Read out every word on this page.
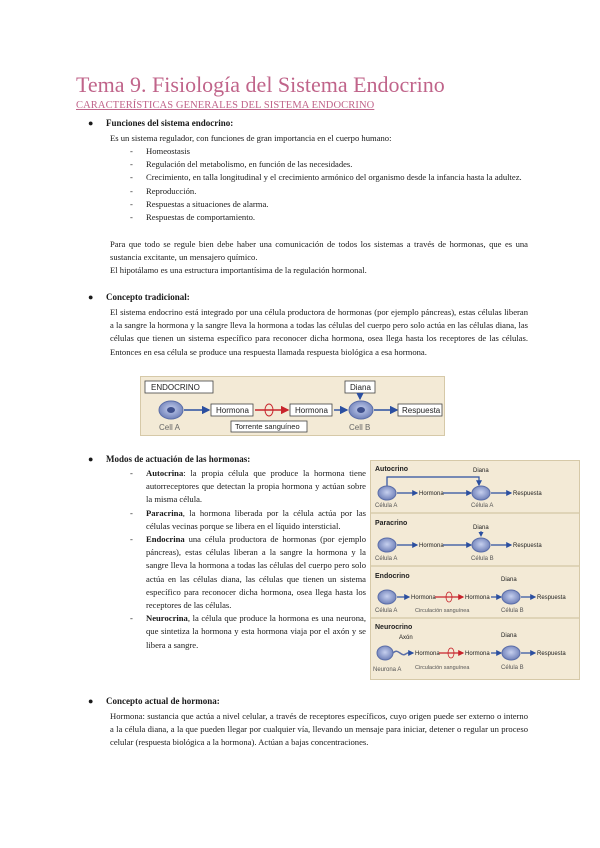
Tema 9. Fisiología del Sistema Endocrino
CARACTERÍSTICAS GENERALES DEL SISTEMA ENDOCRINO
● Funciones del sistema endocrino:
Es un sistema regulador, con funciones de gran importancia en el cuerpo humano:
- Homeostasis
- Regulación del metabolismo, en función de las necesidades.
- Crecimiento, en talla longitudinal y el crecimiento armónico del organismo desde la infancia hasta la adultez.
- Reproducción.
- Respuestas a situaciones de alarma.
- Respuestas de comportamiento.
Para que todo se regule bien debe haber una comunicación de todos los sistemas a través de hormonas, que es una sustancia excitante, un mensajero químico.
El hipotálamo es una estructura importantísima de la regulación hormonal.
● Concepto tradicional:
El sistema endocrino está integrado por una célula productora de hormonas (por ejemplo páncreas), estas células liberan a la sangre la hormona y la sangre lleva la hormona a todas las células del cuerpo pero solo actúa en las células diana, las células que tienen un sistema específico para reconocer dicha hormona, osea llega hasta los receptores de las células. Entonces en esa célula se produce una respuesta llamada respuesta biológica a esa hormona.
ENDOCRINO	Diana
Hormona	Hormona	Respuesta
Torrente sanguíneo
Cell A	Cell B
● Modos de actuación de las hormonas:
- Autocrina: la propia célula que produce la hormona tiene autorreceptores que detectan la propia hormona y actúan sobre la misma célula.
- Paracrina, la hormona liberada por la célula actúa por las células vecinas porque se libera en el líquido intersticial.
- Endocrina una célula productora de hormonas (por ejemplo páncreas), estas células liberan a la sangre la hormona y la sangre lleva la hormona a todas las células del cuerpo pero solo actúa en las células diana, las células que tienen un sistema específico para reconocer dicha hormona, osea llega hasta los receptores de las células.
- Neurocrina, la célula que produce la hormona es una neurona, que sintetiza la hormona y esta hormona viaja por el axón y se libera a sangre.
Autocrino
Hormona
Diana
Respuesta
Célula A	Célula A
Paracrino
Hormona
Diana
Respuesta
Célula A	Célula B
Endocrino
Hormona	Hormona
Diana
Respuesta
Célula A	Circulación sanguínea	Célula B
Neurocrino
Axón
Hormona	Hormona
Diana
Respuesta
Neurona A Circulación sanguínea	Célula B
● Concepto actual de hormona:
Hormona: sustancia que actúa a nivel celular, a través de receptores específicos, cuyo origen puede ser externo o interno a la célula diana, a la que pueden llegar por cualquier vía, llevando un mensaje para iniciar, detener o regular un proceso celular (respuesta biológica a la hormona). Actúan a bajas concentraciones.
